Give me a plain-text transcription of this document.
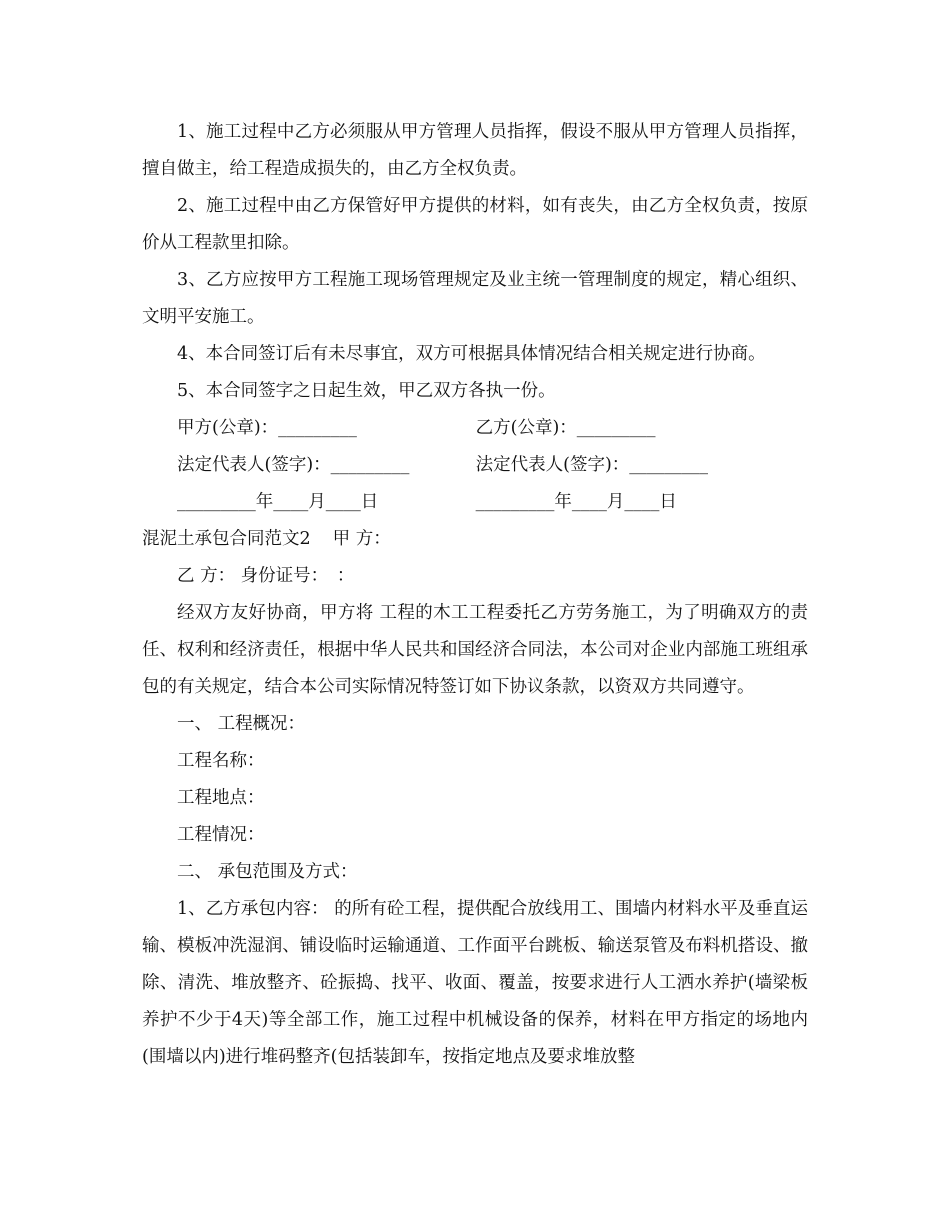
1、施工过程中乙方必须服从甲方管理人员指挥，假设不服从甲方管理人员指挥，擅自做主，给工程造成损失的，由乙方全权负责。

2、施工过程中由乙方保管好甲方提供的材料，如有丧失，由乙方全权负责，按原价从工程款里扣除。

3、乙方应按甲方工程施工现场管理规定及业主统一管理制度的规定，精心组织、文明平安施工。

4、本合同签订后有未尽事宜，双方可根据具体情况结合相关规定进行协商。

5、本合同签字之日起生效，甲乙双方各执一份。

甲方(公章)：_________	乙方(公章)：_________
法定代表人(签字)：_________	法定代表人(签字)：_________
_________年____月____日	_________年____月____日
混泥土承包合同范文2 甲 方：
乙 方： 身份证号：　：

经双方友好协商，甲方将 工程的木工工程委托乙方劳务施工，为了明确双方的责任、权利和经济责任，根据中华人民共和国经济合同法，本公司对企业内部施工班组承包的有关规定，结合本公司实际情况特签订如下协议条款，以资双方共同遵守。

一、 工程概况：
工程名称：
工程地点：
工程情况：
二、 承包范围及方式：

1、乙方承包内容： 的所有砼工程，提供配合放线用工、围墙内材料水平及垂直运输、模板冲洗湿润、铺设临时运输通道、工作面平台跳板、输送泵管及布料机搭设、撤除、清洗、堆放整齐、砼振捣、找平、收面、覆盖，按要求进行人工洒水养护(墙梁板养护不少于4天)等全部工作，施工过程中机械设备的保养，材料在甲方指定的场地内(围墙以内)进行堆码整齐(包括装卸车，按指定地点及要求堆放整
